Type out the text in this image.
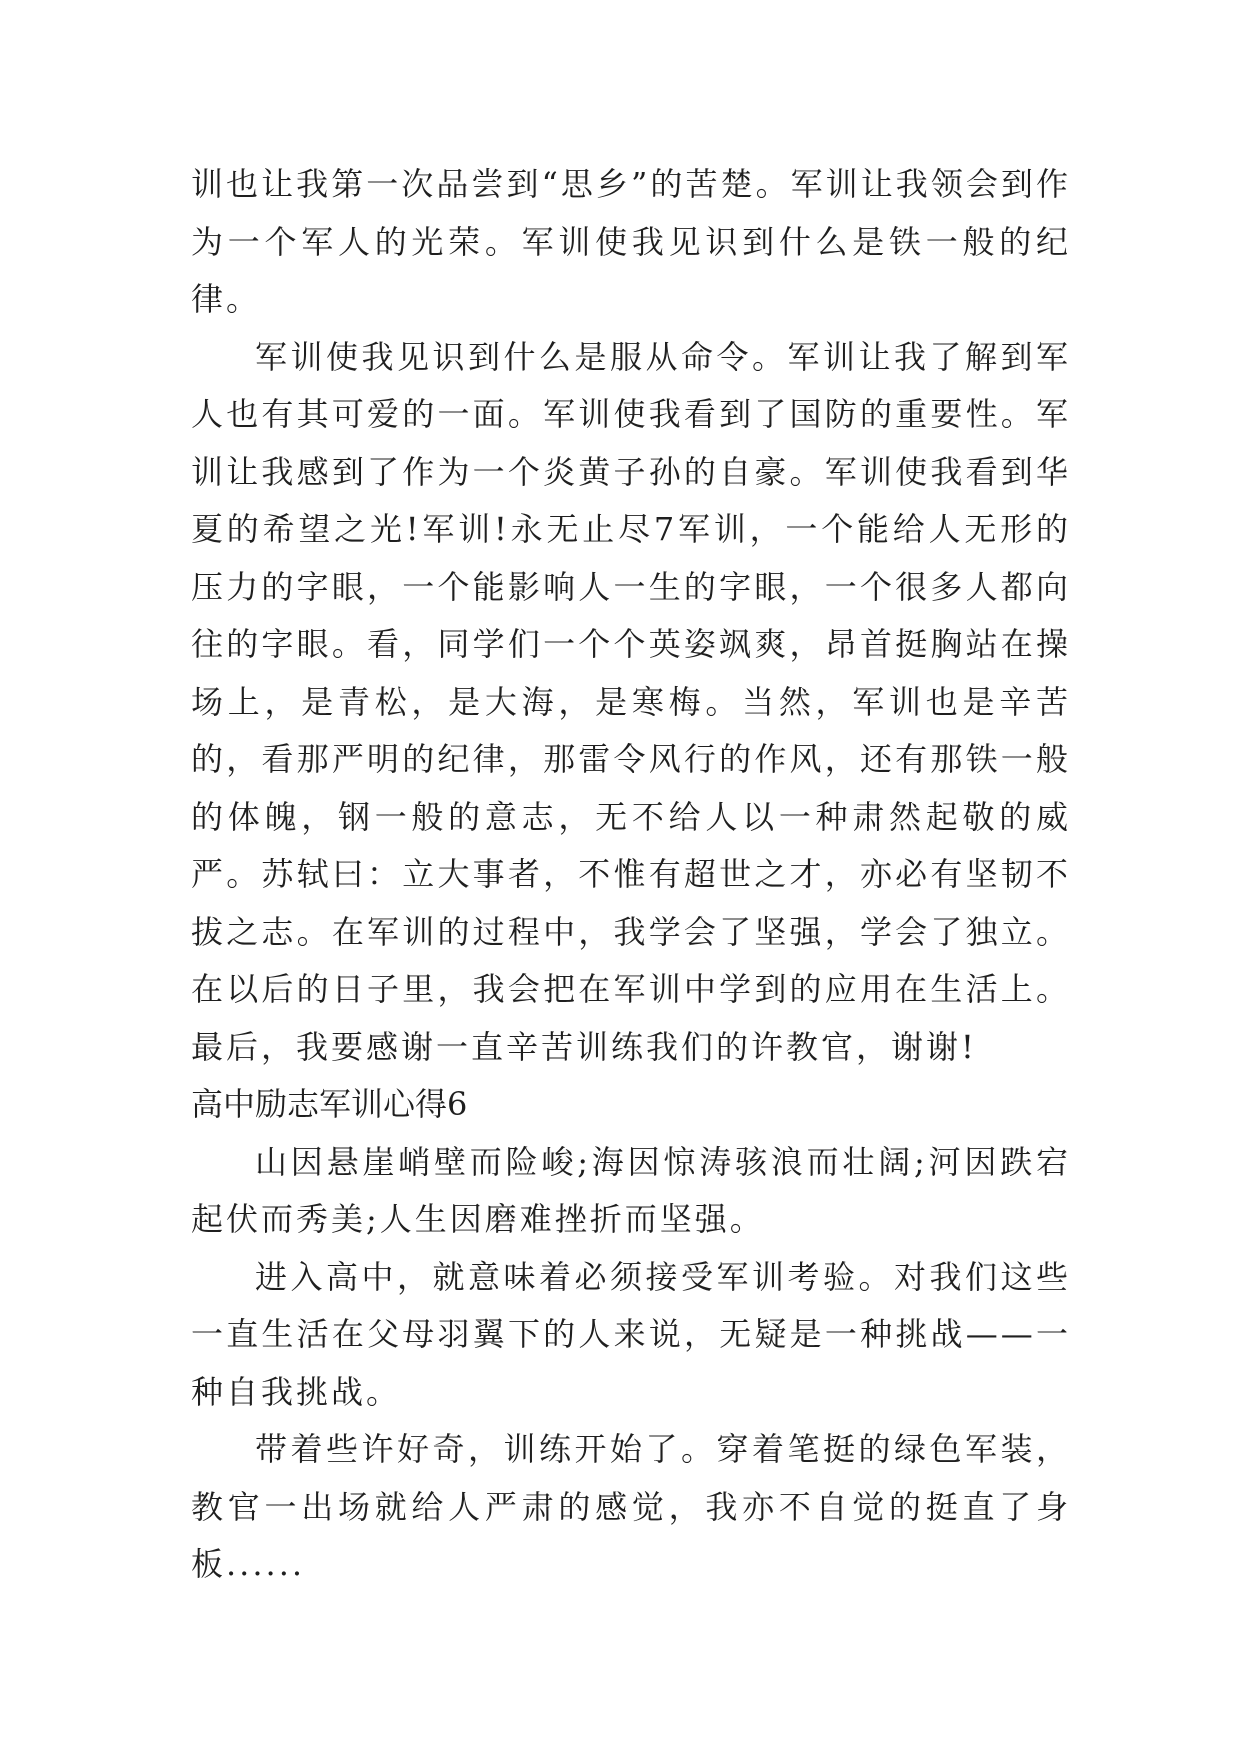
训也让我第一次品尝到“思乡”的苦楚。军训让我领会到作为一个军人的光荣。军训使我见识到什么是铁一般的纪律。

军训使我见识到什么是服从命令。军训让我了解到军人也有其可爱的一面。军训使我看到了国防的重要性。军训让我感到了作为一个炎黄子孙的自豪。军训使我看到华夏的希望之光!军训!永无止尽7军训，一个能给人无形的压力的字眼，一个能影响人一生的字眼，一个很多人都向往的字眼。看，同学们一个个英姿飒爽，昂首挺胸站在操场上，是青松，是大海，是寒梅。当然，军训也是辛苦的，看那严明的纪律，那雷令风行的作风，还有那铁一般的体魄，钢一般的意志，无不给人以一种肃然起敬的威严。苏轼曰：立大事者，不惟有超世之才，亦必有坚韧不拔之志。在军训的过程中，我学会了坚强，学会了独立。在以后的日子里，我会把在军训中学到的应用在生活上。最后，我要感谢一直辛苦训练我们的许教官，谢谢!

高中励志军训心得6

山因悬崖峭壁而险峻;海因惊涛骇浪而壮阔;河因跌宕起伏而秀美;人生因磨难挫折而坚强。

进入高中，就意味着必须接受军训考验。对我们这些一直生活在父母羽翼下的人来说，无疑是一种挑战——一种自我挑战。

带着些许好奇，训练开始了。穿着笔挺的绿色军装，教官一出场就给人严肃的感觉，我亦不自觉的挺直了身板......
